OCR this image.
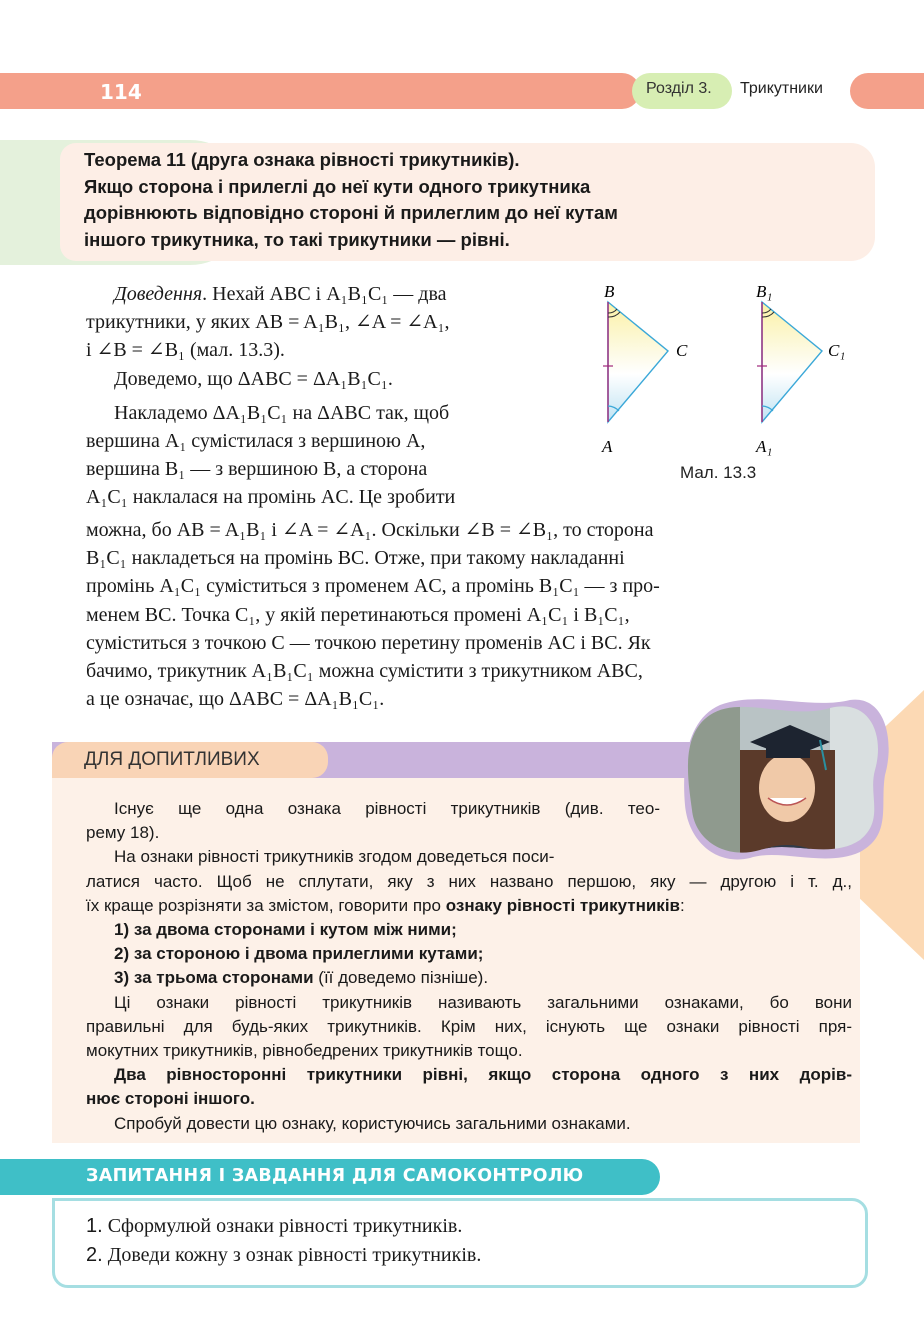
114	Розділ 3. Трикутники
Теорема 11 (друга ознака рівності трикутників).
Якщо сторона і прилеглі до неї кути одного трикутника
дорівнюють відповідно стороні й прилеглим до неї кутам
іншого трикутника, то такі трикутники — рівні.
Доведення. Нехай ABC і A₁B₁C₁ — два
трикутники, у яких AB = A₁B₁, ∠A = ∠A₁,
і ∠B = ∠B₁ (мал. 13.3).
Доведемо, що ΔABC = ΔA₁B₁C₁.
Накладемо ΔA₁B₁C₁ на ΔABC так, щоб
вершина A₁ сумістилася з вершиною A,
вершина B₁ — з вершиною B, а сторона
A₁C₁ наклалася на промінь AC. Це зробити
можна, бо AB = A₁B₁ і ∠A = ∠A₁. Оскільки ∠B = ∠B₁, то сторона
B₁C₁ накладеться на промінь BC. Отже, при такому накладанні
промінь A₁C₁ суміститься з променем AC, а промінь B₁C₁ — з про-
менем BC. Точка C₁, у якій перетинаються промені A₁C₁ і B₁C₁,
суміститься з точкою C — точкою перетину променів AC і BC. Як
бачимо, трикутник A₁B₁C₁ можна сумістити з трикутником ABC,
а це означає, що ΔABC = ΔA₁B₁C₁.
B
C
A
B₁
C₁
A₁
Мал. 13.3
ДЛЯ ДОПИТЛИВИХ
Існує ще одна ознака рівності трикутників (див. тео-
рему 18).
На ознаки рівності трикутників згодом доведеться поси-
латися часто. Щоб не сплутати, яку з них названо першою, яку — другою і т. д.,
їх краще розрізняти за змістом, говорити про ознаку рівності трикутників:
1) за двома сторонами і кутом між ними;
2) за стороною і двома прилеглими кутами;
3) за трьома сторонами (її доведемо пізніше).
Ці ознаки рівності трикутників називають загальними ознаками, бо вони
правильні для будь-яких трикутників. Крім них, існують ще ознаки рівності пря-
мокутних трикутників, рівнобедрених трикутників тощо.
Два рівносторонні трикутники рівні, якщо сторона одного з них дорів-
нює стороні іншого.
Спробуй довести цю ознаку, користуючись загальними ознаками.
ЗАПИТАННЯ І ЗАВДАННЯ ДЛЯ САМОКОНТРОЛЮ
1. Сформулюй ознаки рівності трикутників.
2. Доведи кожну з ознак рівності трикутників.
